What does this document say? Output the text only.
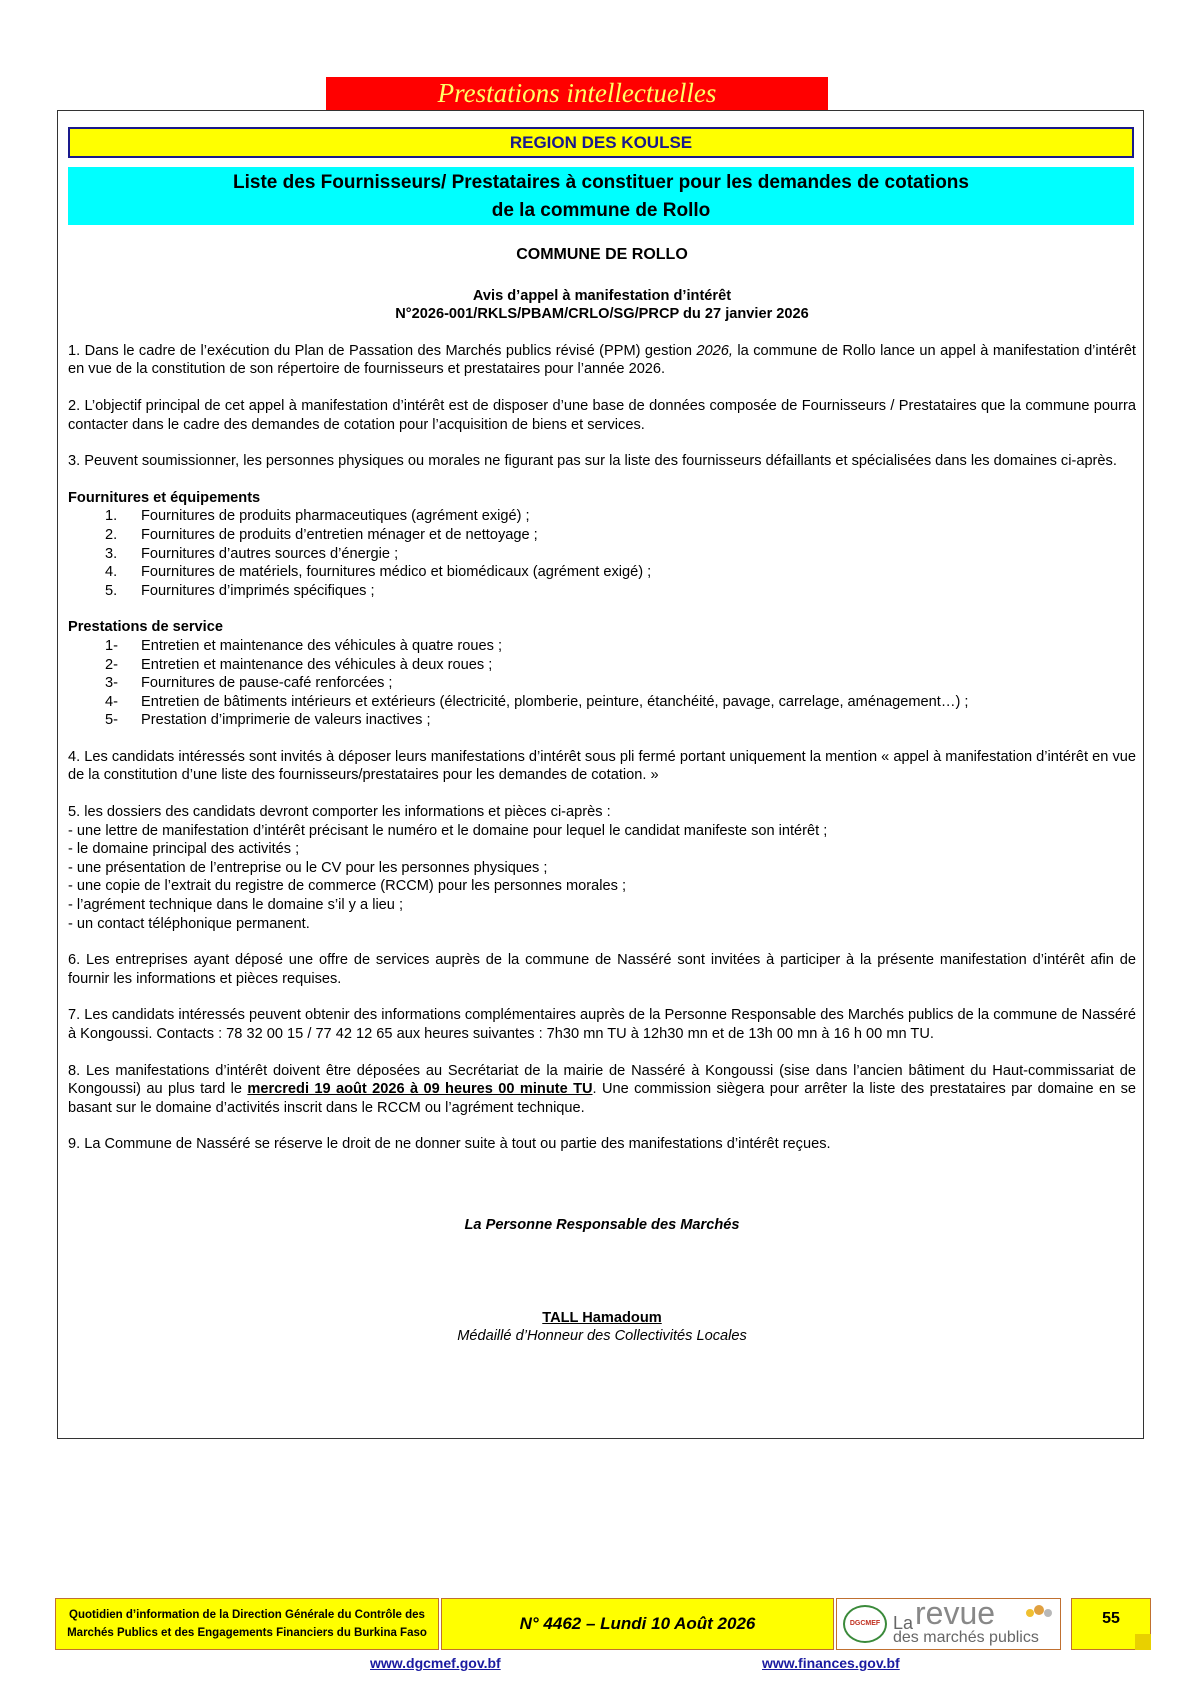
Prestations intellectuelles
REGION DES KOULSE
Liste des Fournisseurs/ Prestataires à constituer pour les demandes de cotations
de la commune de Rollo

COMMUNE DE ROLLO

Avis d’appel à manifestation d’intérêt
N°2026-001/RKLS/PBAM/CRLO/SG/PRCP du 27 janvier 2026

1. Dans le cadre de l’exécution du Plan de Passation des Marchés publics révisé (PPM) gestion 2026, la commune de Rollo lance un appel à manifestation d’intérêt en vue de la constitution de son répertoire de fournisseurs et prestataires pour l’année 2026.

2. L’objectif principal de cet appel à manifestation d’intérêt est de disposer d’une base de données composée de Fournisseurs / Prestataires que la commune pourra contacter dans le cadre des demandes de cotation pour l’acquisition de biens et services.

3. Peuvent soumissionner, les personnes physiques ou morales ne figurant pas sur la liste des fournisseurs défaillants et spécialisées dans les domaines ci-après.

Fournitures et équipements
1.	Fournitures de produits pharmaceutiques (agrément exigé) ;
2.	Fournitures de produits d’entretien ménager et de nettoyage ;
3.	Fournitures d’autres sources d’énergie ;
4.	Fournitures de matériels, fournitures médico et biomédicaux (agrément exigé) ;
5.	Fournitures d’imprimés spécifiques ;
Prestations de service
1-	Entretien et maintenance des véhicules à quatre roues ;
2-	Entretien et maintenance des véhicules à deux roues ;
3-	Fournitures de pause-café renforcées ;
4-	Entretien de bâtiments intérieurs et extérieurs (électricité, plomberie, peinture, étanchéité, pavage, carrelage, aménagement…) ;
5-	Prestation d’imprimerie de valeurs inactives ;

4. Les candidats intéressés sont invités à déposer leurs manifestations d’intérêt sous pli fermé portant uniquement la mention « appel à manifestation d’intérêt en vue de la constitution d’une liste des fournisseurs/prestataires pour les demandes de cotation. »

5. les dossiers des candidats devront comporter les informations et pièces ci-après :

- une lettre de manifestation d’intérêt précisant le numéro et le domaine pour lequel le candidat manifeste son intérêt ;

- le domaine principal des activités ;

- une présentation de l’entreprise ou le CV pour les personnes physiques ;

- une copie de l’extrait du registre de commerce (RCCM) pour les personnes morales ;

- l’agrément technique dans le domaine s’il y a lieu ;

- un contact téléphonique permanent.

6. Les entreprises ayant déposé une offre de services auprès de la commune de Nasséré sont invitées à participer à la présente manifestation d’intérêt afin de fournir les informations et pièces requises.

7. Les candidats intéressés peuvent obtenir des informations complémentaires auprès de la Personne Responsable des Marchés publics de la commune de Nasséré à Kongoussi. Contacts : 78 32 00 15 / 77 42 12 65 aux heures suivantes : 7h30 mn TU à 12h30 mn et de 13h 00 mn à 16 h 00 mn TU.

8. Les manifestations d’intérêt doivent être déposées au Secrétariat de la mairie de Nasséré à Kongoussi (sise dans l’ancien bâtiment du Haut-commissariat de Kongoussi) au plus tard le mercredi 19 août 2026 à 09 heures 00 minute TU. Une commission siègera pour arrêter la liste des prestataires par domaine en se basant sur le domaine d’activités inscrit dans le RCCM ou l’agrément technique.

9. La Commune de Nasséré se réserve le droit de ne donner suite à tout ou partie des manifestations d’intérêt reçues.

La Personne Responsable des Marchés

TALL Hamadoum

Médaillé d’Honneur des Collectivités Locales

Quotidien d’information de la Direction Générale du Contrôle des
Marchés Publics et des Engagements Financiers du Burkina Faso	N° 4462 – Lundi 10 Août 2026	DGCMEF La revue
des marchés publics
55
www.dgcmef.gov.bf	www.finances.gov.bf
